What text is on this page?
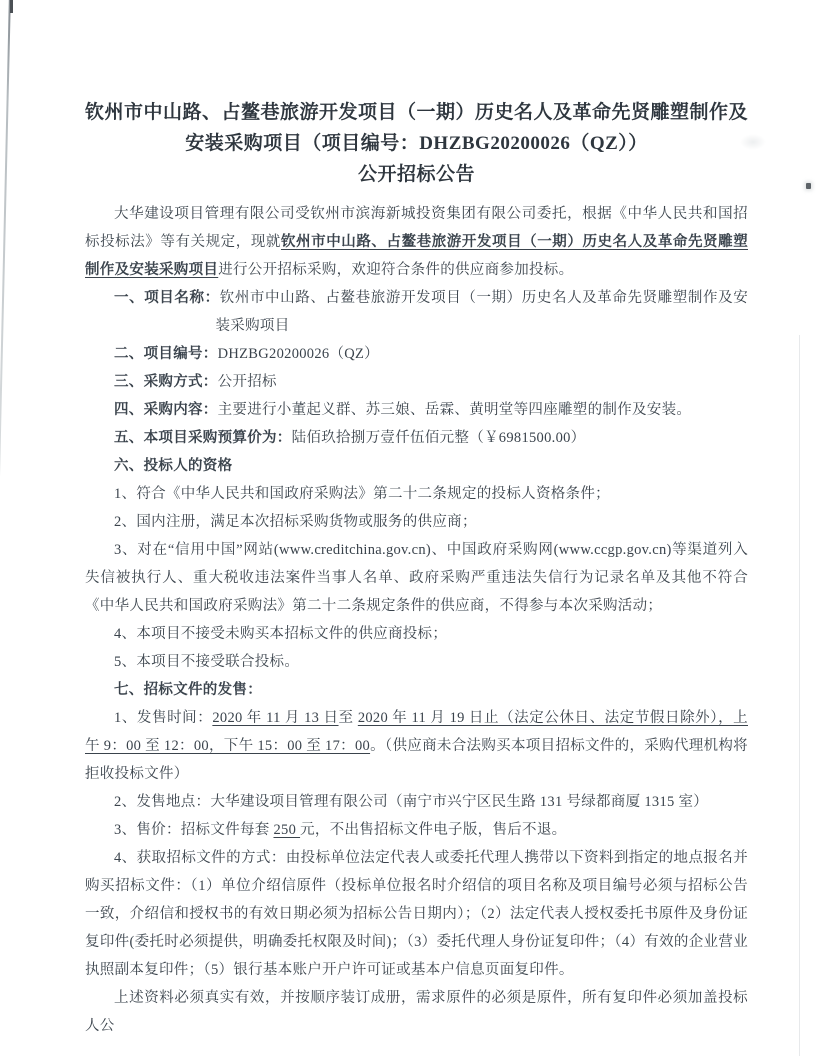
钦州市中山路、占鳌巷旅游开发项目（一期）历史名人及革命先贤雕塑制作及

安装采购项目（项目编号：DHZBG20200026（QZ））

公开招标公告

大华建设项目管理有限公司受钦州市滨海新城投资集团有限公司委托，根据《中华人民共和国招标投标法》等有关规定，现就钦州市中山路、占鳌巷旅游开发项目（一期）历史名人及革命先贤雕塑制作及安装采购项目进行公开招标采购，欢迎符合条件的供应商参加投标。

一、项目名称：钦州市中山路、占鳌巷旅游开发项目（一期）历史名人及革命先贤雕塑制作及安装采购项目

二、项目编号：DHZBG20200026（QZ）

三、采购方式：公开招标

四、采购内容：主要进行小董起义群、苏三娘、岳霖、黄明堂等四座雕塑的制作及安装。

五、本项目采购预算价为：陆佰玖拾捌万壹仟伍佰元整（￥6981500.00）

六、投标人的资格

1、符合《中华人民共和国政府采购法》第二十二条规定的投标人资格条件；

2、国内注册，满足本次招标采购货物或服务的供应商；

3、对在“信用中国”网站(www.creditchina.gov.cn)、中国政府采购网(www.ccgp.gov.cn)等渠道列入失信被执行人、重大税收违法案件当事人名单、政府采购严重违法失信行为记录名单及其他不符合《中华人民共和国政府采购法》第二十二条规定条件的供应商，不得参与本次采购活动；

4、本项目不接受未购买本招标文件的供应商投标；

5、本项目不接受联合投标。

七、招标文件的发售：

1、发售时间：2020 年 11 月 13 日至 2020 年 11 月 19 日止（法定公休日、法定节假日除外），上午 9：00 至 12：00，下午 15：00 至 17：00。（供应商未合法购买本项目招标文件的，采购代理机构将拒收投标文件）

2、发售地点：大华建设项目管理有限公司（南宁市兴宁区民生路 131 号绿都商厦 1315 室）

3、售价：招标文件每套 250 元，不出售招标文件电子版，售后不退。

4、获取招标文件的方式：由投标单位法定代表人或委托代理人携带以下资料到指定的地点报名并购买招标文件：（1）单位介绍信原件（投标单位报名时介绍信的项目名称及项目编号必须与招标公告一致，介绍信和授权书的有效日期必须为招标公告日期内）；（2）法定代表人授权委托书原件及身份证复印件(委托时必须提供，明确委托权限及时间)；（3）委托代理人身份证复印件；（4）有效的企业营业执照副本复印件；（5）银行基本账户开户许可证或基本户信息页面复印件。

上述资料必须真实有效，并按顺序装订成册，需求原件的必须是原件，所有复印件必须加盖投标人公
